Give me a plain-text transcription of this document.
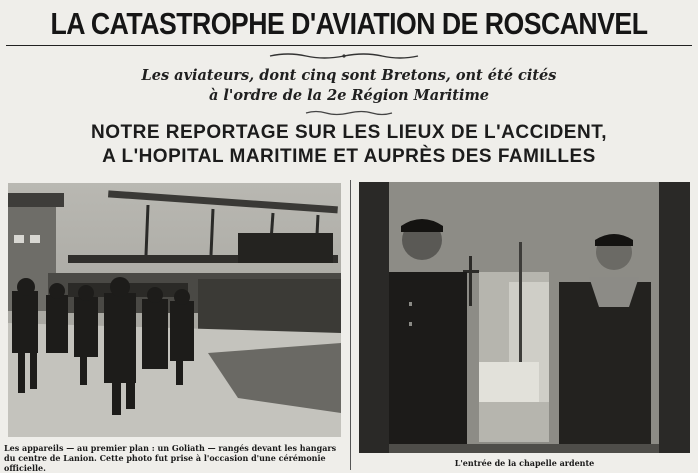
LA CATASTROPHE D'AVIATION DE ROSCANVEL
Les aviateurs, dont cinq sont Bretons, ont été cités
à l'ordre de la 2e Région Maritime
NOTRE REPORTAGE SUR LES LIEUX DE L'ACCIDENT,
A L'HOPITAL MARITIME ET AUPRÈS DES FAMILLES
Les appareils — au premier plan : un Goliath — rangés devant les hangars du centre de Lanion. Cette photo fut prise à l'occasion d'une cérémonie officielle.	L'entrée de la chapelle ardente
